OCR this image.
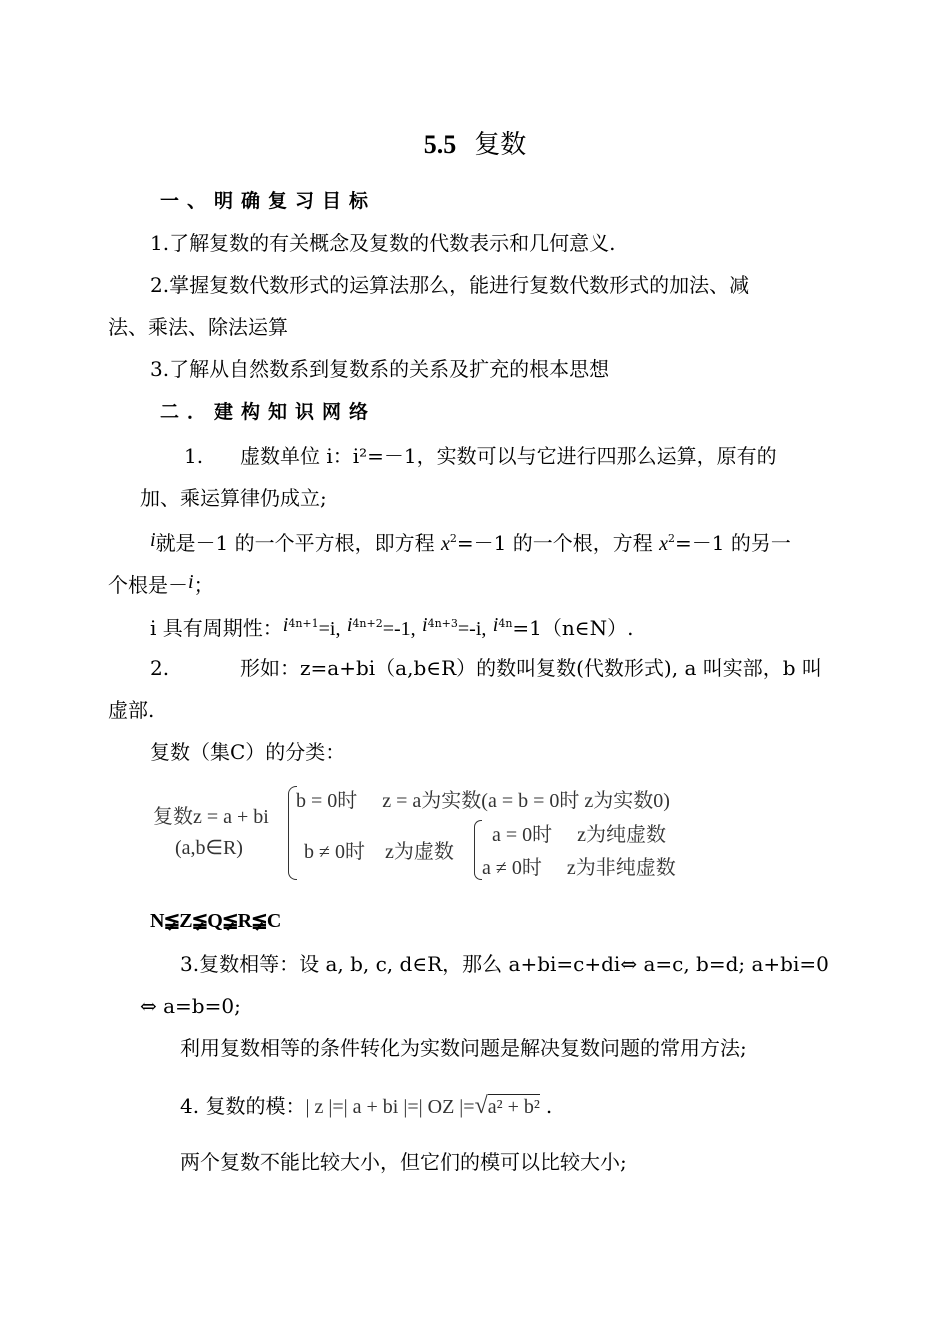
5.5 复数
一、明确复习目标
1.了解复数的有关概念及复数的代数表示和几何意义.
2.掌握复数代数形式的运算法那么，能进行复数代数形式的加法、减
法、乘法、除法运算
3.了解从自然数系到复数系的关系及扩充的根本思想
二．建构知识网络
1. 虚数单位 i：i²=－1，实数可以与它进行四那么运算，原有的
加、乘运算律仍成立;
i就是－1 的一个平方根，即方程 $x^2=-1$ 的一个根，方程 $x^2=-1$ 的另一
个根是－i；
i 具有周期性：$i^{4n+1}=i$, $i^{4n+2}=-1$, $i^{4n+3}=-i$, $i^{4n}=1(n\in N)$.
2.	形如：z=a+bi（a,b∈R）的数叫复数(代数形式), a 叫实部，b 叫
虚部.
复数（集C）的分类：
复数z = a + bi
(a,b∈R)
b = 0时　 z = a为实数(a = b = 0时 z为实数0)
b ≠ 0时　z为虚数
a = 0时　 z为纯虚数
a ≠ 0时　 z为非纯虚数
N≨Z≨Q≨R≨C
3.复数相等：设 a, b, c, d∈R，那么 a+bi=c+di⇔ a=c, b=d; a+bi=0
⇔ a=b=0;
利用复数相等的条件转化为实数问题是解决复数问题的常用方法;
4. 复数的模：| z |=| a + bi |=| OZ |=√a² + b² .
两个复数不能比较大小，但它们的模可以比较大小;
